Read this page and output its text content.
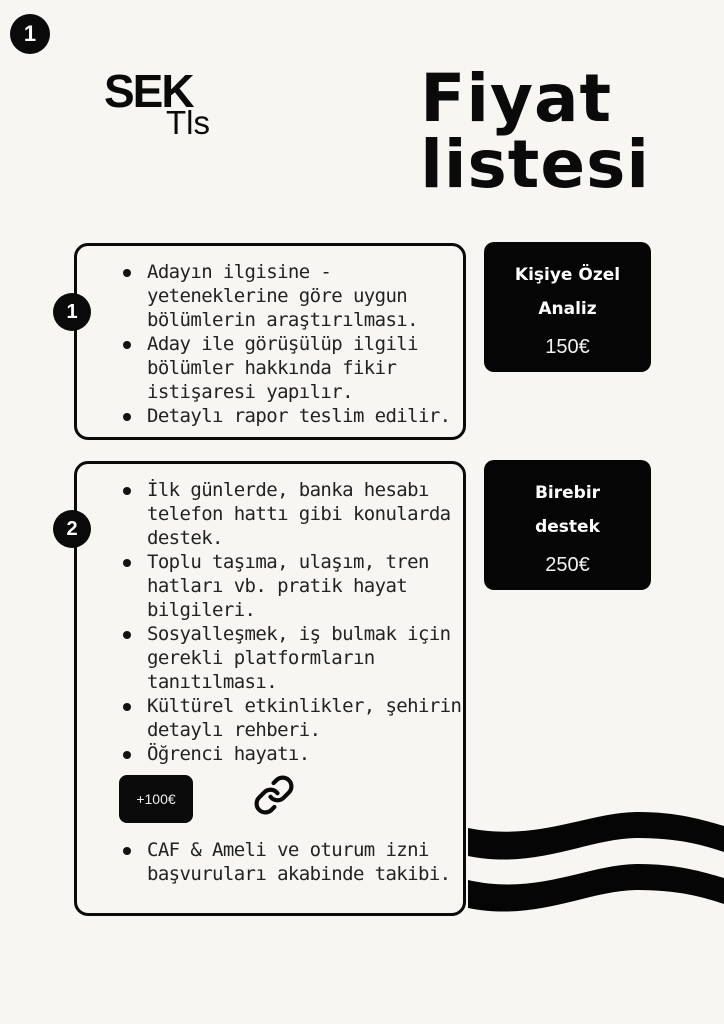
1
SEK
Tls	Fiyat
listesi
1
Adayın ilgisine - yeteneklerine göre uygun bölümlerin araştırılması.
Aday ile görüşülüp ilgili bölümler hakkında fikir istişaresi yapılır.
Detaylı rapor teslim edilir.
Kişiye Özel
Analiz
150€
2
İlk günlerde, banka hesabı telefon hattı gibi konularda destek.
Toplu taşıma, ulaşım, tren hatları vb. pratik hayat bilgileri.
Sosyalleşmek, iş bulmak için gerekli platformların tanıtılması.
Kültürel etkinlikler, şehirin detaylı rehberi.
Öğrenci hayatı.
+100€
CAF & Ameli ve oturum izni başvuruları akabinde takibi.
Birebir
destek
250€
